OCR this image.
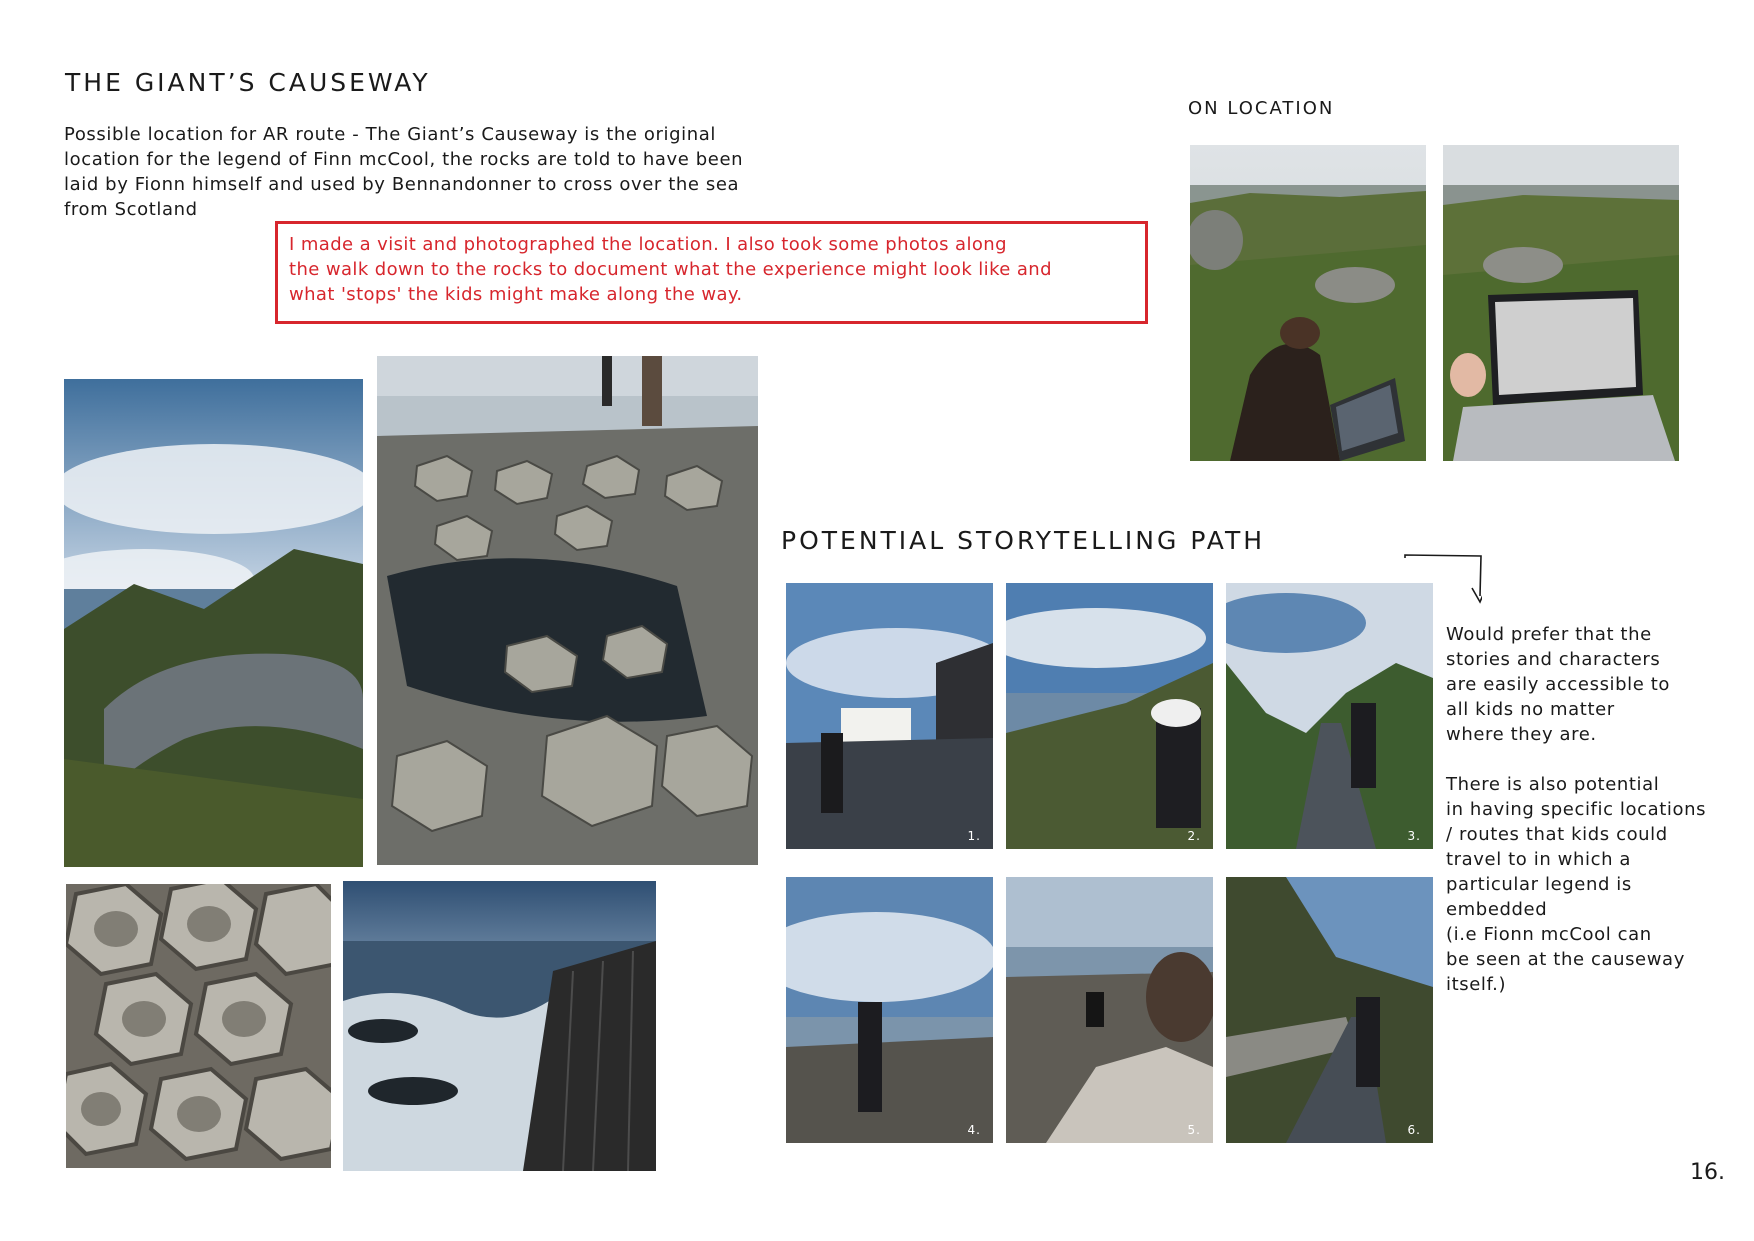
THE GIANT’S CAUSEWAY
Possible location for AR route - The Giant’s Causeway is the original
location for the legend of Finn mcCool, the rocks are told to have been
laid by Fionn himself and used by Bennandonner to cross over the sea
from Scotland
I made a visit and photographed the location. I also took some photos along
the walk down to the rocks to document what the experience might look like and
what 'stops' the kids might make along the way.
ON LOCATION
POTENTIAL STORYTELLING PATH
1.	2.	3.
4.	5.	6.
Would prefer that the
stories and characters
are easily accessible to
all kids no matter
where they are.
There is also potential
in having specific locations
/ routes that kids could
travel to in which a
particular legend is
embedded
(i.e Fionn mcCool can
be seen at the causeway
itself.)
16.
